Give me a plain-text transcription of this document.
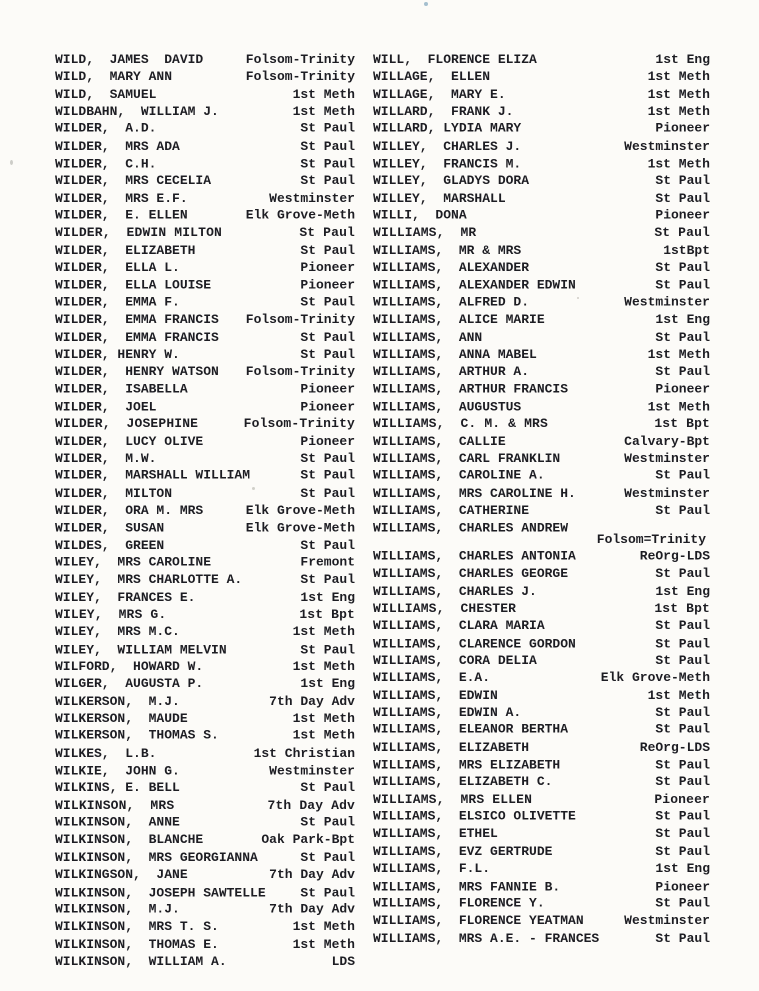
WILD,  JAMES  DAVID	Folsom-Trinity
WILD,  MARY ANN	Folsom-Trinity
WILD,  SAMUEL	1st Meth
WILDBAHN,  WILLIAM J.	1st Meth
WILDER,  A.D.	St Paul
WILDER,  MRS ADA	St Paul
WILDER,  C.H.	St Paul
WILDER,  MRS CECELIA	St Paul
WILDER,  MRS E.F.	Westminster
WILDER,  E. ELLEN	Elk Grove-Meth
WILDER,  EDWIN MILTON	St Paul
WILDER,  ELIZABETH	St Paul
WILDER,  ELLA L.	Pioneer
WILDER,  ELLA LOUISE	Pioneer
WILDER,  EMMA F.	St Paul
WILDER,  EMMA FRANCIS Folsom-Trinity
WILDER,  EMMA FRANCIS	St Paul
WILDER, HENRY W.	St Paul
WILDER,  HENRY WATSON Folsom-Trinity
WILDER,  ISABELLA	Pioneer
WILDER,  JOEL	Pioneer
WILDER,  JOSEPHINE	Folsom-Trinity
WILDER,  LUCY OLIVE	Pioneer
WILDER,  M.W.	St Paul
WILDER,  MARSHALL WILLIAM	St Paul
WILDER,  MILTON	St Paul
WILDER,  ORA M. MRS	Elk Grove-Meth
WILDER,  SUSAN	Elk Grove-Meth
WILDES,  GREEN	St Paul
WILEY,  MRS CAROLINE	Fremont
WILEY,  MRS CHARLOTTE A.	St Paul
WILEY,  FRANCES E.	1st Eng
WILEY,  MRS G.	1st Bpt
WILEY,  MRS M.C.	1st Meth
WILEY,  WILLIAM MELVIN	St Paul
WILFORD,  HOWARD W.	1st Meth
WILGER,  AUGUSTA P.	1st Eng
WILKERSON,  M.J.	7th Day Adv
WILKERSON,  MAUDE	1st Meth
WILKERSON,  THOMAS S.	1st Meth
WILKES,  L.B.	1st Christian
WILKIE,  JOHN G.	Westminster
WILKINS, E. BELL	St Paul
WILKINSON,  MRS	7th Day Adv
WILKINSON,  ANNE	St Paul
WILKINSON,  BLANCHE	Oak Park-Bpt
WILKINSON,  MRS GEORGIANNA	St Paul
WILKINGSON,  JANE	7th Day Adv
WILKINSON,  JOSEPH SAWTELLE	St Paul
WILKINSON,  M.J.	7th Day Adv
WILKINSON,  MRS T. S.	1st Meth
WILKINSON,  THOMAS E.	1st Meth
WILKINSON,  WILLIAM A.	LDS
WILL,  FLORENCE ELIZA	1st Eng
WILLAGE,  ELLEN	1st Meth
WILLAGE,  MARY E.	1st Meth
WILLARD,  FRANK J.	1st Meth
WILLARD, LYDIA MARY	Pioneer
WILLEY,  CHARLES J.	Westminster
WILLEY,  FRANCIS M.	1st Meth
WILLEY,  GLADYS DORA	St Paul
WILLEY,  MARSHALL	St Paul
WILLI,  DONA	Pioneer
WILLIAMS,  MR	St Paul
WILLIAMS,  MR & MRS	1stBpt
WILLIAMS,  ALEXANDER	St Paul
WILLIAMS,  ALEXANDER EDWIN	St Paul
WILLIAMS,  ALFRED D.	Westminster
WILLIAMS,  ALICE MARIE	1st Eng
WILLIAMS,  ANN	St Paul
WILLIAMS,  ANNA MABEL	1st Meth
WILLIAMS,  ARTHUR A.	St Paul
WILLIAMS,  ARTHUR FRANCIS	Pioneer
WILLIAMS,  AUGUSTUS	1st Meth
WILLIAMS,  C. M. & MRS	1st Bpt
WILLIAMS,  CALLIE	Calvary-Bpt
WILLIAMS,  CARL FRANKLIN	Westminster
WILLIAMS,  CAROLINE A.	St Paul
WILLIAMS,  MRS CAROLINE H.	Westminster
WILLIAMS,  CATHERINE	St Paul
WILLIAMS,  CHARLES ANDREW
Folsom=Trinity
WILLIAMS,  CHARLES ANTONIA	ReOrg-LDS
WILLIAMS,  CHARLES GEORGE	St Paul
WILLIAMS,  CHARLES J.	1st Eng
WILLIAMS,  CHESTER	1st Bpt
WILLIAMS,  CLARA MARIA	St Paul
WILLIAMS,  CLARENCE GORDON	St Paul
WILLIAMS,  CORA DELIA	St Paul
WILLIAMS,  E.A.	Elk Grove-Meth
WILLIAMS,  EDWIN	1st Meth
WILLIAMS,  EDWIN A.	St Paul
WILLIAMS,  ELEANOR BERTHA	St Paul
WILLIAMS,  ELIZABETH	ReOrg-LDS
WILLIAMS,  MRS ELIZABETH	St Paul
WILLIAMS,  ELIZABETH C.	St Paul
WILLIAMS,  MRS ELLEN	Pioneer
WILLIAMS,  ELSICO OLIVETTE	St Paul
WILLIAMS,  ETHEL	St Paul
WILLIAMS,  EVZ GERTRUDE	St Paul
WILLIAMS,  F.L.	1st Eng
WILLIAMS,  MRS FANNIE B.	Pioneer
WILLIAMS,  FLORENCE Y.	St Paul
WILLIAMS,  FLORENCE YEATMAN	Westminster
WILLIAMS,  MRS A.E. - FRANCES	St Paul
